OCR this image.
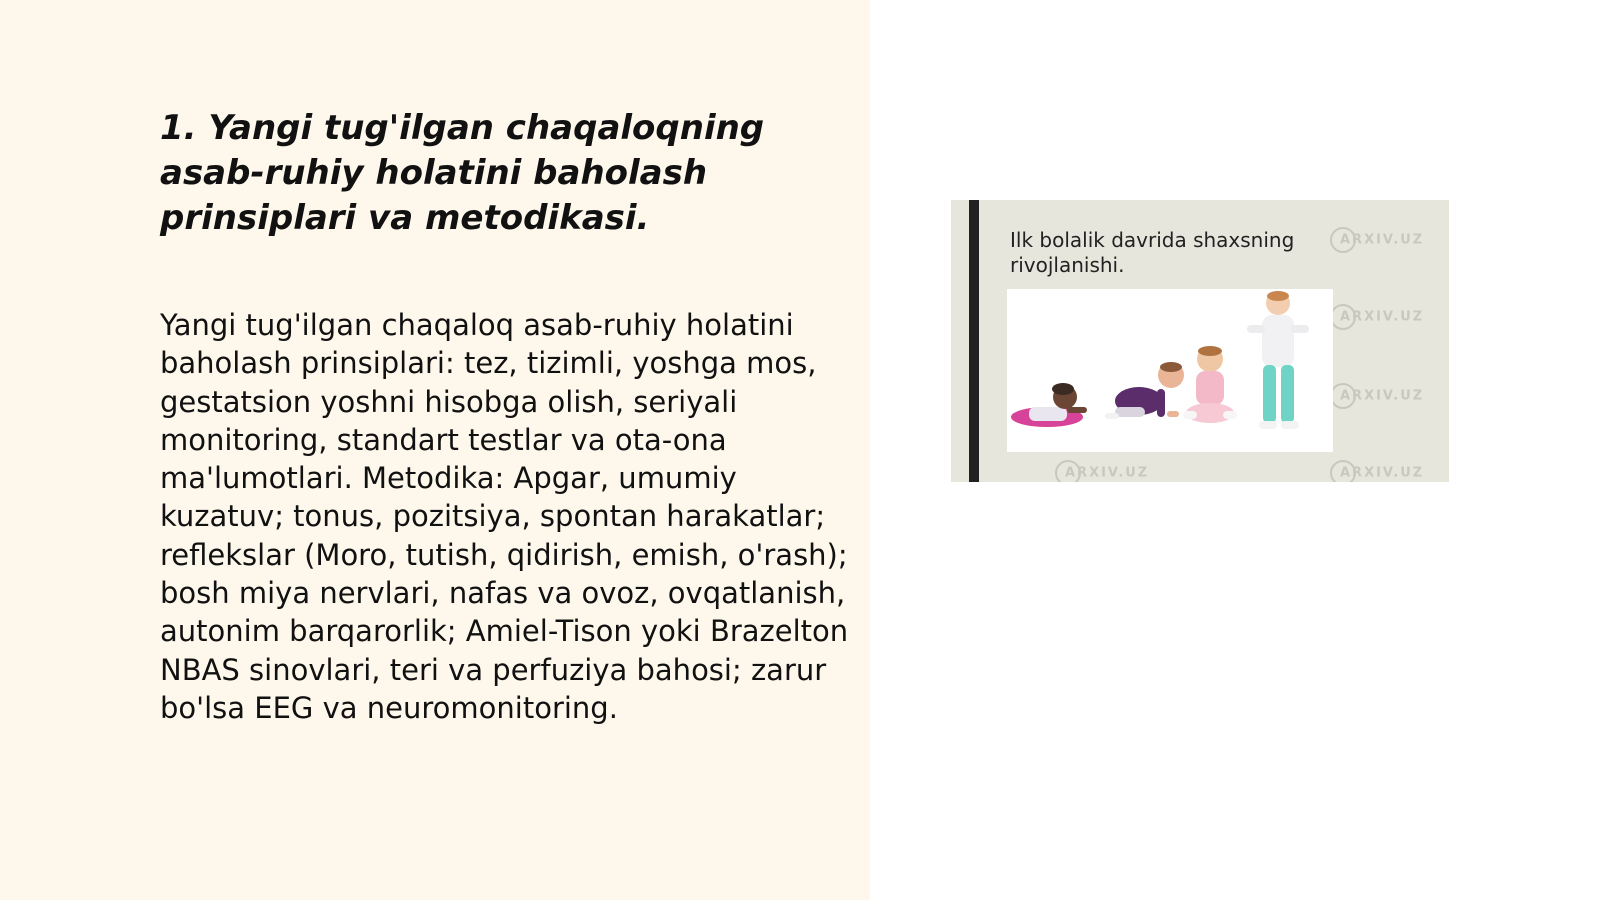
1. Yangi tug'ilgan chaqaloqning asab-ruhiy holatini baholash prinsiplari va metodikasi.

Yangi tug'ilgan chaqaloq asab-ruhiy holatini baholash prinsiplari: tez, tizimli, yoshga mos, gestatsion yoshni hisobga olish, seriyali monitoring, standart testlar va ota-ona ma'lumotlari. Metodika: Apgar, umumiy kuzatuv; tonus, pozitsiya, spontan harakatlar; reflekslar (Moro, tutish, qidirish, emish, o'rash); bosh miya nervlari, nafas va ovoz, ovqatlanish, autonim barqarorlik; Amiel-Tison yoki Brazelton NBAS sinovlari, teri va perfuziya bahosi; zarur bo'lsa EEG va neuromonitoring.

Ilk bolalik davrida shaxsning rivojlanishi.
ARXIV.UZ
ARXIV.UZ
ARXIV.UZ
ARXIV.UZ	ARXIV.UZ
